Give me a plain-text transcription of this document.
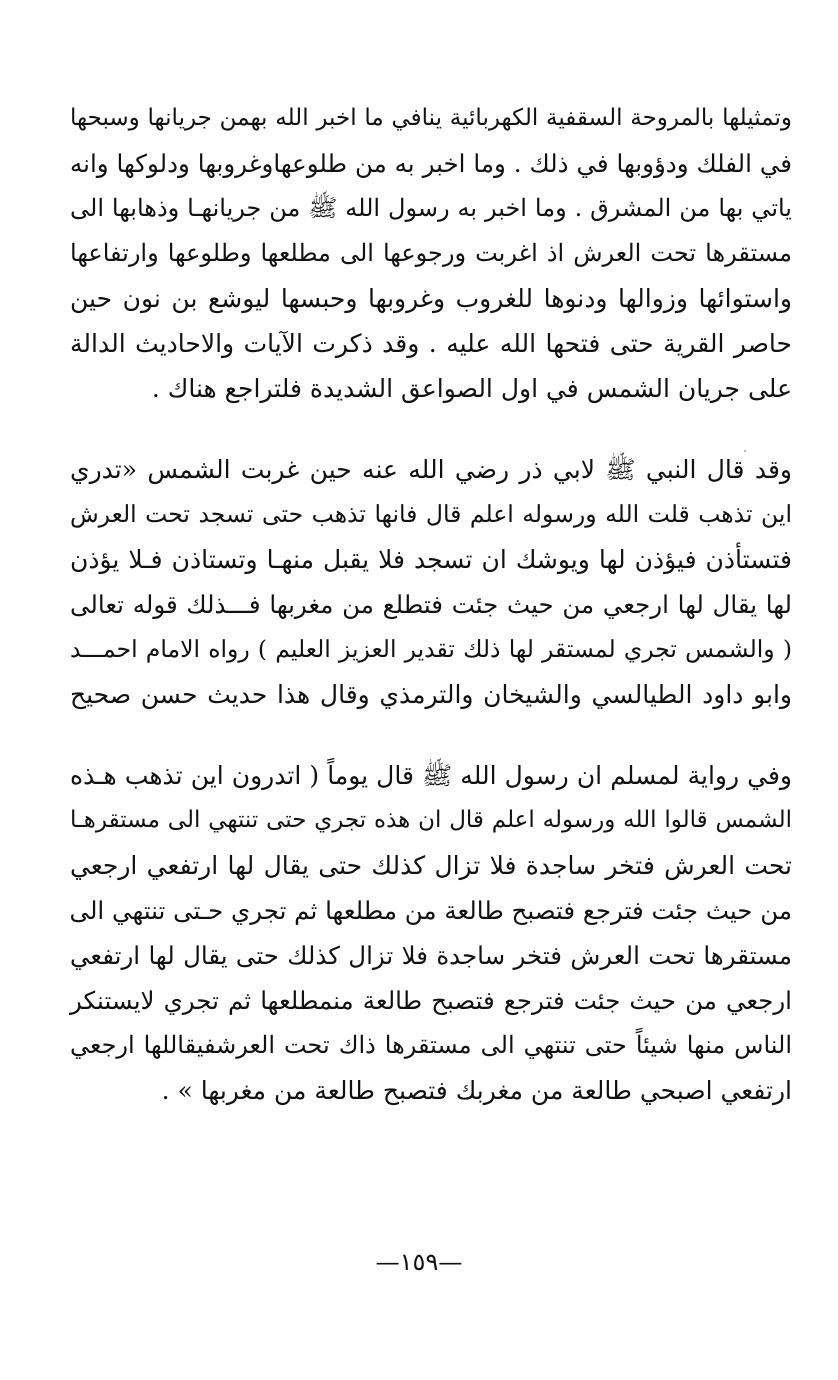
وتمثيلها بالمروحة السقفية الكهربائية ينافي ما اخبر الله بهمن جريانها وسبحها
في الفلك ودؤوبها في ذلك . وما اخبر به من طلوعهاوغروبها ودلوكها وانه
ياتي بها من المشرق . وما اخبر به رسول الله ﷺ من جريانهـا وذهابها الى
مستقرها تحت العرش اذ اغربت ورجوعها الى مطلعها وطلوعها وارتفاعها
واستوائها وزوالها ودنوها للغروب وغروبها وحبسها ليوشع بن نون حين
حاصر القرية حتى فتحها الله عليه . وقد ذكرت الآيات والاحاديث الدالة
على جريان الشمس في اول الصواعق الشديدة فلتراجع هناك .
وقد قال النبي ﷺ لابي ذر رضي الله عنه حين غربت الشمس «تدري
اين تذهب قلت الله ورسوله اعلم قال فانها تذهب حتى تسجد تحت العرش
فتستأذن فيؤذن لها ويوشك ان تسجد فلا يقبل منهـا وتستاذن فـلا يؤذن
لها يقال لها ارجعي من حيث جئت فتطلع من مغربها فـــذلك قوله تعالى
( والشمس تجري لمستقر لها ذلك تقدير العزيز العليم ) رواه الامام احمـــد
وابو داود الطيالسي والشيخان والترمذي وقال هذا حديث حسن صحيح
وفي رواية لمسلم ان رسول الله ﷺ قال يوماً ( اتدرون اين تذهب هـذه
الشمس قالوا الله ورسوله اعلم قال ان هذه تجري حتى تنتهي الى مستقرهـا
تحت العرش فتخر ساجدة فلا تزال كذلك حتى يقال لها ارتفعي ارجعي
من حيث جئت فترجع فتصبح طالعة من مطلعها ثم تجري حـتى تنتهي الى
مستقرها تحت العرش فتخر ساجدة فلا تزال كذلك حتى يقال لها ارتفعي
ارجعي من حيث جئت فترجع فتصبح طالعة منمطلعها ثم تجري لايستنكر
الناس منها شيئاً حتى تنتهي الى مستقرها ذاك تحت العرشفيقاللها ارجعي
ارتفعي اصبحي طالعة من مغربك فتصبح طالعة من مغربها » .
—١٥٩—
